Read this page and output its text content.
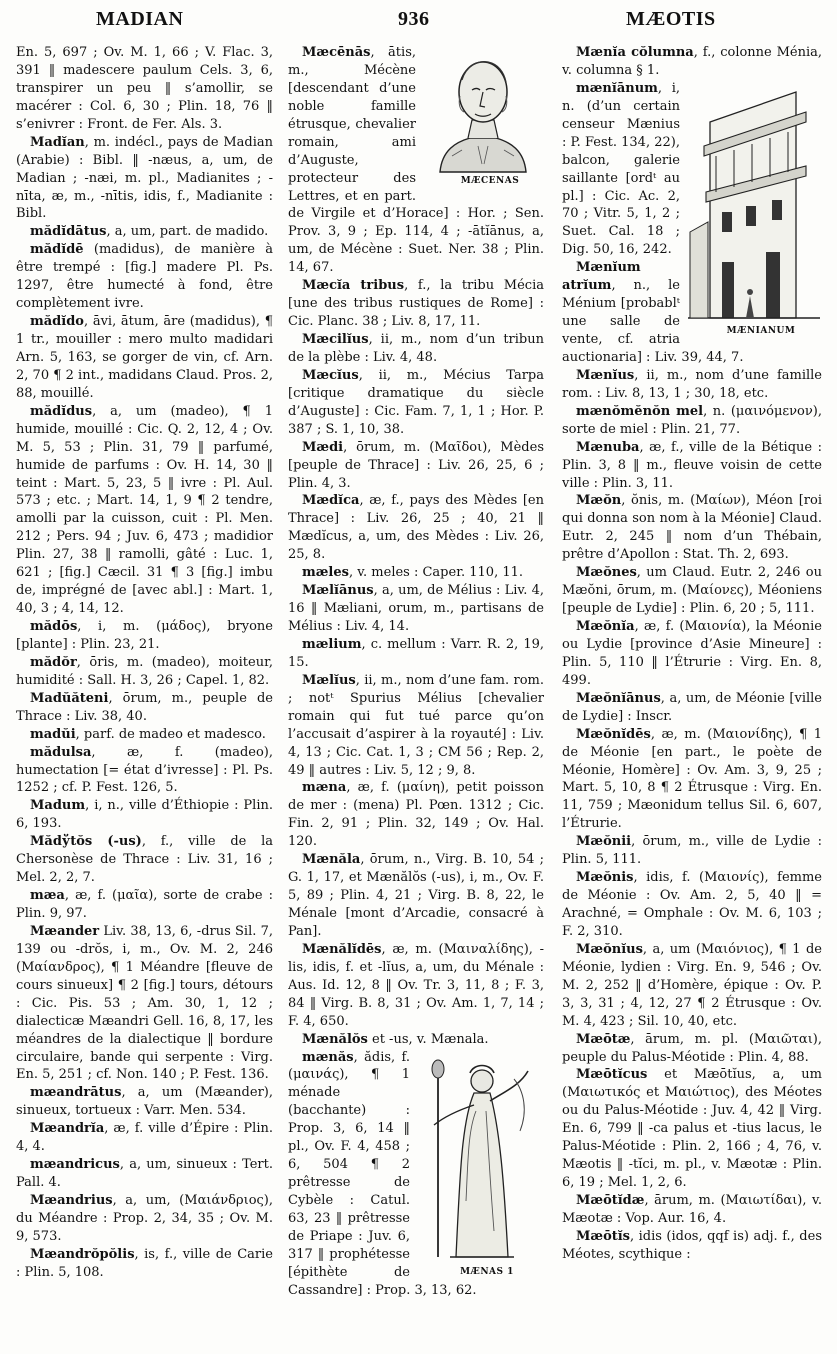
MADIAN	936	MÆOTIS

En. 5, 697 ; Ov. M. 1, 66 ; V. Flac. 3, 391 ‖ madescere paulum Cels. 3, 6, transpirer un peu ‖ s’amollir, se macérer : Col. 6, 30 ; Plin. 18, 76 ‖ s’enivrer : Front. de Fer. Als. 3.

Madĭan, m. indécl., pays de Madian (Arabie) : Bibl. ‖ -næus, a, um, de Madian ; -næi, m. pl., Madianites ; -nīta, æ, m., -nītis, idis, f., Madianite : Bibl.

mădĭdātus, a, um, part. de madido.

mădĭdē (madidus), de manière à être trempé : [fig.] madere Pl. Ps. 1297, être humecté à fond, être complètement ivre.

mădĭdo, āvi, ātum, āre (madidus), ¶ 1 tr., mouiller : mero multo madidari Arn. 5, 163, se gorger de vin, cf. Arn. 2, 70 ¶ 2 int., madidans Claud. Pros. 2, 88, mouillé.

mădĭdus, a, um (madeo), ¶ 1 humide, mouillé : Cic. Q. 2, 12, 4 ; Ov. M. 5, 53 ; Plin. 31, 79 ‖ parfumé, humide de parfums : Ov. H. 14, 30 ‖ teint : Mart. 5, 23, 5 ‖ ivre : Pl. Aul. 573 ; etc. ; Mart. 14, 1, 9 ¶ 2 tendre, amolli par la cuisson, cuit : Pl. Men. 212 ; Pers. 94 ; Juv. 6, 473 ; madidior Plin. 27, 38 ‖ ramolli, gâté : Luc. 1, 621 ; [fig.] Cæcil. 31 ¶ 3 [fig.] imbu de, imprégné de [avec abl.] : Mart. 1, 40, 3 ; 4, 14, 12.

mădōs, i, m. (μάδος), bryone [plante] : Plin. 23, 21.

mădŏr, ōris, m. (madeo), moiteur, humidité : Sall. H. 3, 26 ; Capel. 1, 82.

Madŭăteni, ōrum, m., peuple de Thrace : Liv. 38, 40.

madŭi, parf. de madeo et madesco.

mădulsa, æ, f. (madeo), humectation [= état d’ivresse] : Pl. Ps. 1252 ; cf. P. Fest. 126, 5.

Madum, i, n., ville d’Éthiopie : Plin. 6, 193.

Mădўtŏs (-us), f., ville de la Chersonèse de Thrace : Liv. 31, 16 ; Mel. 2, 2, 7.

mæa, æ, f. (μαῖα), sorte de crabe : Plin. 9, 97.

Mæander Liv. 38, 13, 6, -drus Sil. 7, 139 ou -drŏs, i, m., Ov. M. 2, 246 (Μαίανδρος), ¶ 1 Méandre [fleuve de cours sinueux] ¶ 2 [fig.] tours, détours : Cic. Pis. 53 ; Am. 30, 1, 12 ; dialecticæ Mæandri Gell. 16, 8, 17, les méandres de la dialectique ‖ bordure circulaire, bande qui serpente : Virg. En. 5, 251 ; cf. Non. 140 ; P. Fest. 136.

mæandrātus, a, um (Mæander), sinueux, tortueux : Varr. Men. 534.

Mæandrĭa, æ, f. ville d’Épire : Plin. 4, 4.

mæandricus, a, um, sinueux : Tert. Pall. 4.

Mæandrius, a, um, (Μαιάνδριος), du Méandre : Prop. 2, 34, 35 ; Ov. M. 9, 573.

Mæandrŏpŏlis, is, f., ville de Carie : Plin. 5, 108.

MÆCENAS
Mæcēnās, ātis, m., Mécène [descendant d’une noble famille étrusque, chevalier romain, ami d’Auguste, protecteur des Lettres, et en part. de Virgile et d’Horace] : Hor. ; Sen. Prov. 3, 9 ; Ep. 114, 4 ; -ātĭānus, a, um, de Mécène : Suet. Ner. 38 ; Plin. 14, 67.

Mæcĭa tribus, f., la tribu Mécia [une des tribus rustiques de Rome] : Cic. Planc. 38 ; Liv. 8, 17, 11.

Mæcilĭus, ii, m., nom d’un tribun de la plèbe : Liv. 4, 48.

Mæcĭus, ii, m., Mécius Tarpa [critique dramatique du siècle d’Auguste] : Cic. Fam. 7, 1, 1 ; Hor. P. 387 ; S. 1, 10, 38.

Mædi, ōrum, m. (Μαῖδοι), Mèdes [peuple de Thrace] : Liv. 26, 25, 6 ; Plin. 4, 3.

Mædĭca, æ, f., pays des Mèdes [en Thrace] : Liv. 26, 25 ; 40, 21 ‖ Mædĭcus, a, um, des Mèdes : Liv. 26, 25, 8.

mæles, v. meles : Caper. 110, 11.

Mælĭānus, a, um, de Mélius : Liv. 4, 16 ‖ Mæliani, orum, m., partisans de Mélius : Liv. 4, 14.

mælium, c. mellum : Varr. R. 2, 19, 15.

Mælĭus, ii, m., nom d’une fam. rom. ; notᵗ Spurius Mélius [chevalier romain qui fut tué parce qu’on l’accusait d’aspirer à la royauté] : Liv. 4, 13 ; Cic. Cat. 1, 3 ; CM 56 ; Rep. 2, 49 ‖ autres : Liv. 5, 12 ; 9, 8.

mæna, æ, f. (μαίνη), petit poisson de mer : (mena) Pl. Pœn. 1312 ; Cic. Fin. 2, 91 ; Plin. 32, 149 ; Ov. Hal. 120.

Mænăla, ōrum, n., Virg. B. 10, 54 ; G. 1, 17, et Mænălŏs (-us), i, m., Ov. F. 5, 89 ; Plin. 4, 21 ; Virg. B. 8, 22, le Ménale [mont d’Arcadie, consacré à Pan].

Mænălĭdēs, æ, m. (Μαιναλίδης), -lis, idis, f. et -lĭus, a, um, du Ménale : Aus. Id. 12, 8 ‖ Ov. Tr. 3, 11, 8 ; F. 3, 84 ‖ Virg. B. 8, 31 ; Ov. Am. 1, 7, 14 ; F. 4, 650.

Mænălŏs et -us, v. Mænala.

MÆNAS 1
mænăs, ădis, f. (μαινάς), ¶ 1 ménade (bacchante) : Prop. 3, 6, 14 ‖ pl., Ov. F. 4, 458 ; 6, 504 ¶ 2 prêtresse de Cybèle : Catul. 63, 23 ‖ prêtresse de Priape : Juv. 6, 317 ‖ prophétesse [épithète de Cassandre] : Prop. 3, 13, 62.

Mænĭa cŏlumna, f., colonne Ménia, v. columna § 1.

MÆNIANUM
mænĭānum, i, n. (d’un certain censeur Mænius : P. Fest. 134, 22), balcon, galerie saillante [ordᵗ au pl.] : Cic. Ac. 2, 70 ; Vitr. 5, 1, 2 ; Suet. Cal. 18 ; Dig. 50, 16, 242.

Mænĭum atrĭum, n., le Ménium [probablᵗ une salle de vente, cf. atria auctionaria] : Liv. 39, 44, 7.

Mænĭus, ii, m., nom d’une famille rom. : Liv. 8, 13, 1 ; 30, 18, etc.

mænŏmĕnŏn mel, n. (μαινόμενον), sorte de miel : Plin. 21, 77.

Mænuba, æ, f., ville de la Bétique : Plin. 3, 8 ‖ m., fleuve voisin de cette ville : Plin. 3, 11.

Mæŏn, ŏnis, m. (Μαίων), Méon [roi qui donna son nom à la Méonie] Claud. Eutr. 2, 245 ‖ nom d’un Thébain, prêtre d’Apollon : Stat. Th. 2, 693.

Mæŏnes, um Claud. Eutr. 2, 246 ou Mæŏni, ōrum, m. (Μαίονες), Méoniens [peuple de Lydie] : Plin. 6, 20 ; 5, 111.

Mæŏnĭa, æ, f. (Μαιονία), la Méonie ou Lydie [province d’Asie Mineure] : Plin. 5, 110 ‖ l’Étrurie : Virg. En. 8, 499.

Mæŏnĭānus, a, um, de Méonie [ville de Lydie] : Inscr.

Mæŏnĭdēs, æ, m. (Μαιονίδης), ¶ 1 de Méonie [en part., le poète de Méonie, Homère] : Ov. Am. 3, 9, 25 ; Mart. 5, 10, 8 ¶ 2 Étrusque : Virg. En. 11, 759 ; Mæonidum tellus Sil. 6, 607, l’Étrurie.

Mæŏnii, ōrum, m., ville de Lydie : Plin. 5, 111.

Mæŏnis, idis, f. (Μαιονίς), femme de Méonie : Ov. Am. 2, 5, 40 ‖ = Arachné, = Omphale : Ov. M. 6, 103 ; F. 2, 310.

Mæŏnĭus, a, um (Μαιόνιος), ¶ 1 de Méonie, lydien : Virg. En. 9, 546 ; Ov. M. 2, 252 ‖ d’Homère, épique : Ov. P. 3, 3, 31 ; 4, 12, 27 ¶ 2 Étrusque : Ov. M. 4, 423 ; Sil. 10, 40, etc.

Mæōtæ, ārum, m. pl. (Μαιῶται), peuple du Palus-Méotide : Plin. 4, 88.

Mæōtĭcus et Mæōtĭus, a, um (Μαιωτικός et Μαιώτιος), des Méotes ou du Palus-Méotide : Juv. 4, 42 ‖ Virg. En. 6, 799 ‖ -ca palus et -tius lacus, le Palus-Méotide : Plin. 2, 166 ; 4, 76, v. Mæotis ‖ -tĭci, m. pl., v. Mæotæ : Plin. 6, 19 ; Mel. 1, 2, 6.

Mæōtĭdæ, ārum, m. (Μαιωτίδαι), v. Mæotæ : Vop. Aur. 16, 4.

Mæōtĭs, idis (idos, qqf is) adj. f., des Méotes, scythique :
